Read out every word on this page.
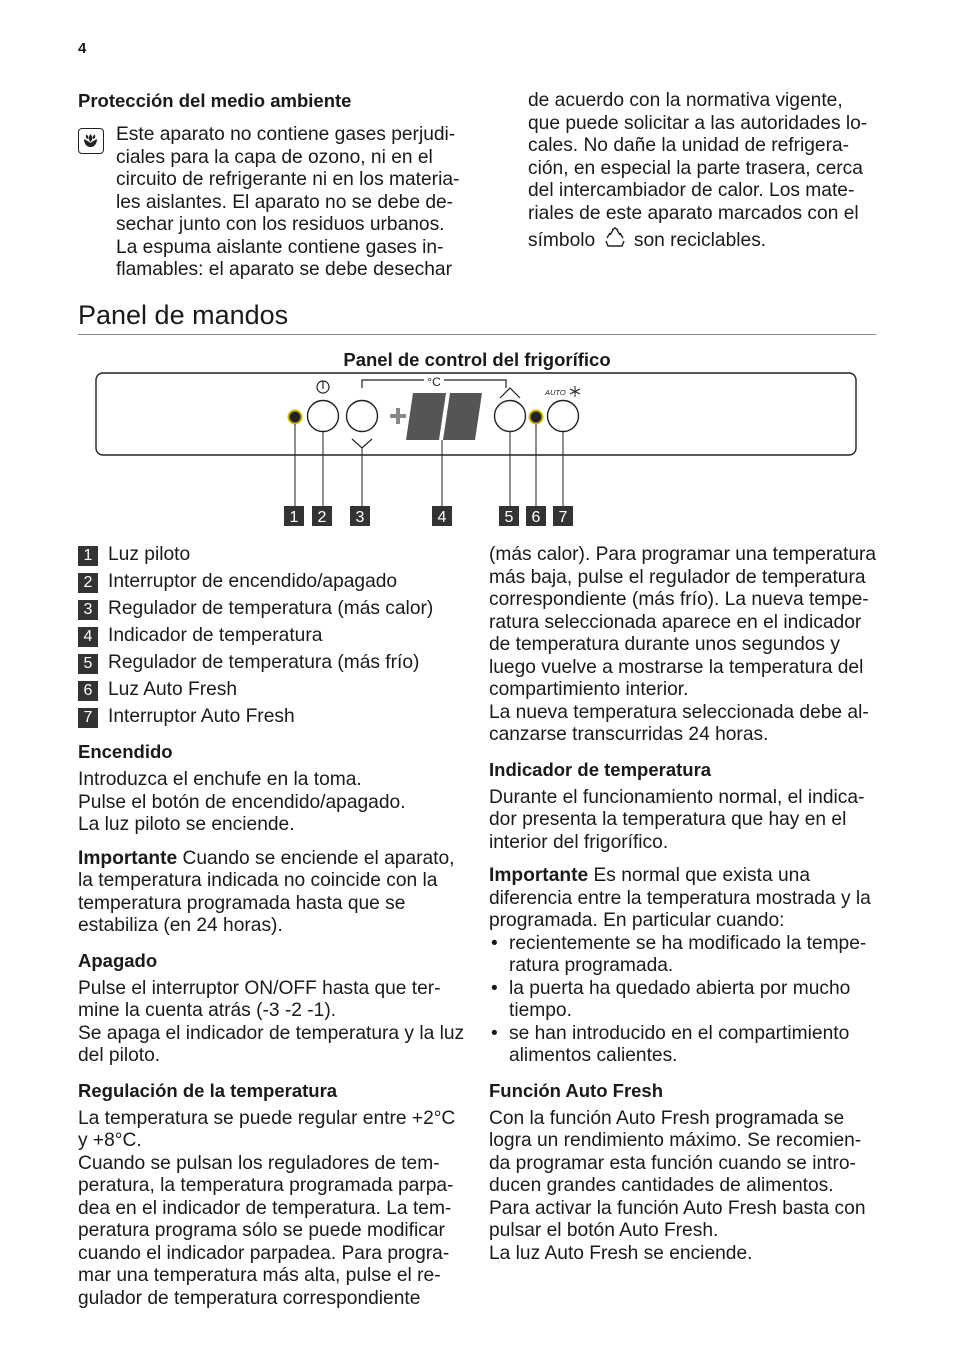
4

Protección del medio ambiente

Este aparato no contiene gases perjudi-

ciales para la capa de ozono, ni en el

circuito de refrigerante ni en los materia-

les aislantes. El aparato no se debe de-

sechar junto con los residuos urbanos.

La espuma aislante contiene gases in-

flamables: el aparato se debe desechar

de acuerdo con la normativa vigente,

que puede solicitar a las autoridades lo-

cales. No dañe la unidad de refrigera-

ción, en especial la parte trasera, cerca

del intercambiador de calor. Los mate-

riales de este aparato marcados con el

símbolo son reciclables.

Panel de mandos
Panel de control del frigorífico
°C
AUTO
1 2 3	4	5 6 7
1 Luz piloto
2 Interruptor de encendido/apagado
3 Regulador de temperatura (más calor)
4 Indicador de temperatura
5 Regulador de temperatura (más frío)
6 Luz Auto Fresh
7 Interruptor Auto Fresh

Encendido

Introduzca el enchufe en la toma.

Pulse el botón de encendido/apagado.

La luz piloto se enciende.

Importante Cuando se enciende el aparato,

la temperatura indicada no coincide con la

temperatura programada hasta que se

estabiliza (en 24 horas).

Apagado

Pulse el interruptor ON/OFF hasta que ter-

mine la cuenta atrás (-3 -2 -1).

Se apaga el indicador de temperatura y la luz

del piloto.

Regulación de la temperatura

La temperatura se puede regular entre +2°C

y +8°C.

Cuando se pulsan los reguladores de tem-

peratura, la temperatura programada parpa-

dea en el indicador de temperatura. La tem-

peratura programa sólo se puede modificar

cuando el indicador parpadea. Para progra-

mar una temperatura más alta, pulse el re-

gulador de temperatura correspondiente

(más calor). Para programar una temperatura

más baja, pulse el regulador de temperatura

correspondiente (más frío). La nueva tempe-

ratura seleccionada aparece en el indicador

de temperatura durante unos segundos y

luego vuelve a mostrarse la temperatura del

compartimiento interior.

La nueva temperatura seleccionada debe al-

canzarse transcurridas 24 horas.

Indicador de temperatura

Durante el funcionamiento normal, el indica-

dor presenta la temperatura que hay en el

interior del frigorífico.

Importante Es normal que exista una

diferencia entre la temperatura mostrada y la

programada. En particular cuando:

• recientemente se ha modificado la tempe-
ratura programada.
• la puerta ha quedado abierta por mucho
tiempo.
• se han introducido en el compartimiento
alimentos calientes.

Función Auto Fresh

Con la función Auto Fresh programada se

logra un rendimiento máximo. Se recomien-

da programar esta función cuando se intro-

ducen grandes cantidades de alimentos.

Para activar la función Auto Fresh basta con

pulsar el botón Auto Fresh.

La luz Auto Fresh se enciende.
